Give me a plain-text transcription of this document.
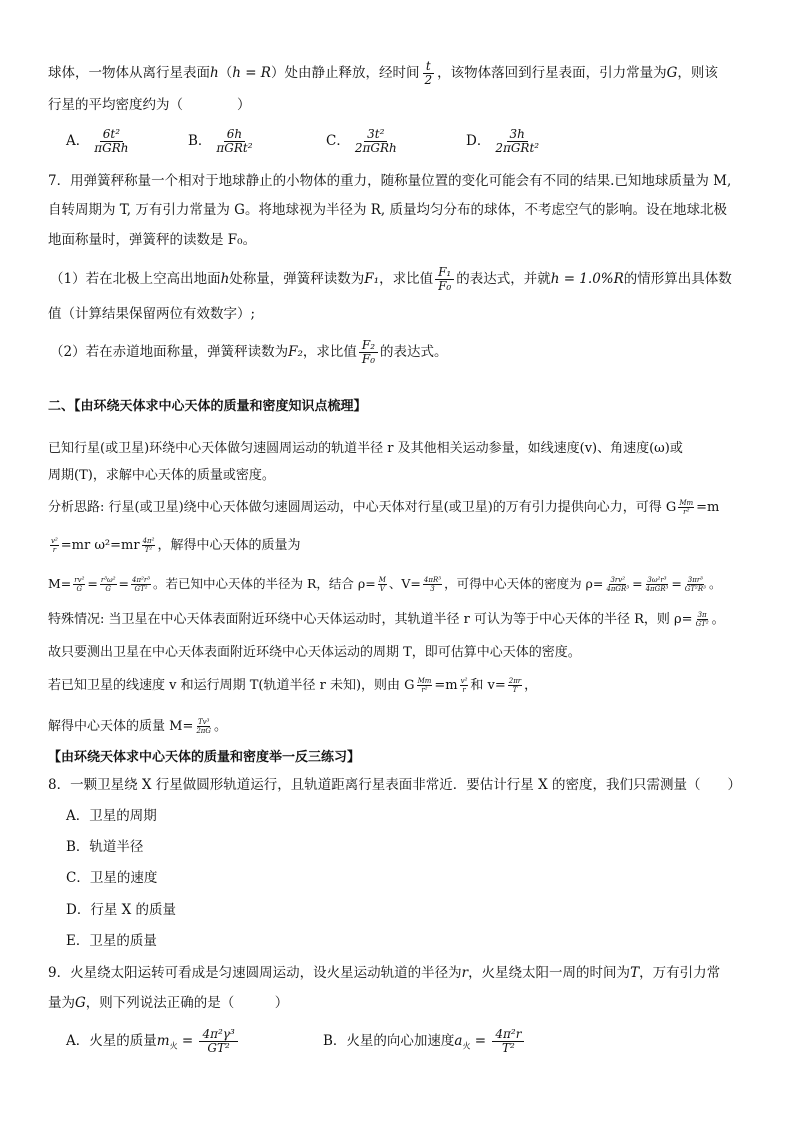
球体，一物体从离行星表面h（h = R）处由静止释放，经时间 $\frac{t}{2}$ ，该物体落回到行星表面，引力常量为G，则该
行星的平均密度约为（　　　　）
A． $\frac{\text{6t²}}{\text{πGRh}}$	B． $\frac{6h}{\text{πGRt²}}$	C． $\frac{\text{3t²}}{\text{2πGRh}}$	D． $\frac{3h}{\text{2πGRt²}}$
7．用弹簧秤称量一个相对于地球静止的小物体的重力，随称量位置的变化可能会有不同的结果.已知地球质量为 M,
自转周期为 T, 万有引力常量为 G。将地球视为半径为 R, 质量均匀分布的球体，不考虑空气的影响。设在地球北极
地面称量时，弹簧秤的读数是 F₀。
（1）若在北极上空高出地面h处称量，弹簧秤读数为F₁，求比值 $\frac{\text{F₁}}{\text{F₀}}$ 的表达式，并就h = 1.0%R的情形算出具体数
值（计算结果保留两位有效数字）;
（2）若在赤道地面称量，弹簧秤读数为F₂，求比值 $\frac{\text{F₂}}{\text{F₀}}$ 的表达式。
二、【由环绕天体求中心天体的质量和密度知识点梳理】
已知行星(或卫星)环绕中心天体做匀速圆周运动的轨道半径 r 及其他相关运动参量，如线速度(v)、角速度(ω)或
周期(T)，求解中心天体的质量或密度。
分析思路: 行星(或卫星)绕中心天体做匀速圆周运动，中心天体对行星(或卫星)的万有引力提供向心力，可得 G $\frac{Mm}{\text{r²}} =m$
$\frac{\text{v²}}{r} =mr$ $\omega^2=mr \frac{\text{4π²}}{\text{T²}}$ ，解得中心天体的质量为
$M= \frac{\text{rv²}}{G} = \frac{\text{r³ω²}}{G} = \frac{\text{4π²r³}}{\text{GT²}}$ 。若已知中心天体的半径为 R，结合 $\rho= \frac{M}{V}$ 、$V= \frac{\text{4πR³}}{3}$ ，可得中心天体的密度为 $\rho= \frac{\text{3rv²}}{\text{4πGR³}} = \frac{\text{3ω²r³}}{\text{4πGR³}} = \frac{\text{3πr³}}{\text{GT²R³}}$ 。
特殊情况: 当卫星在中心天体表面附近环绕中心天体运动时，其轨道半径 r 可认为等于中心天体的半径 R，则 $\rho= \frac{3\pi}{\text{GT²}}$ 。
故只要测出卫星在中心天体表面附近环绕中心天体运动的周期 T，即可估算中心天体的密度。
若已知卫星的线速度 v 和运行周期 T(轨道半径 r 未知)，则由 G $\frac{Mm}{\text{r²}} =m \frac{\text{v²}}{r}$ 和 $v= \frac{2\pi r}{T}$ ，
解得中心天体的质量 $M= \frac{\text{Tv³}}{2\pi G}$ 。
【由环绕天体求中心天体的质量和密度举一反三练习】
8．一颗卫星绕 X 行星做圆形轨道运行，且轨道距离行星表面非常近．要估计行星 X 的密度，我们只需测量（　　）
A．卫星的周期
B．轨道半径
C．卫星的速度
D．行星 X 的质量
E．卫星的质量
9．火星绕太阳运转可看成是匀速圆周运动，设火星运动轨道的半径为r，火星绕太阳一周的时间为T，万有引力常
量为G，则下列说法正确的是（　　　）
A．火星的质量$m_火 = \frac{\text{4π²γ³}}{\text{GT²}}$	B．火星的向心加速度$a_火 = \frac{\text{4π²r}}{\text{T²}}$
